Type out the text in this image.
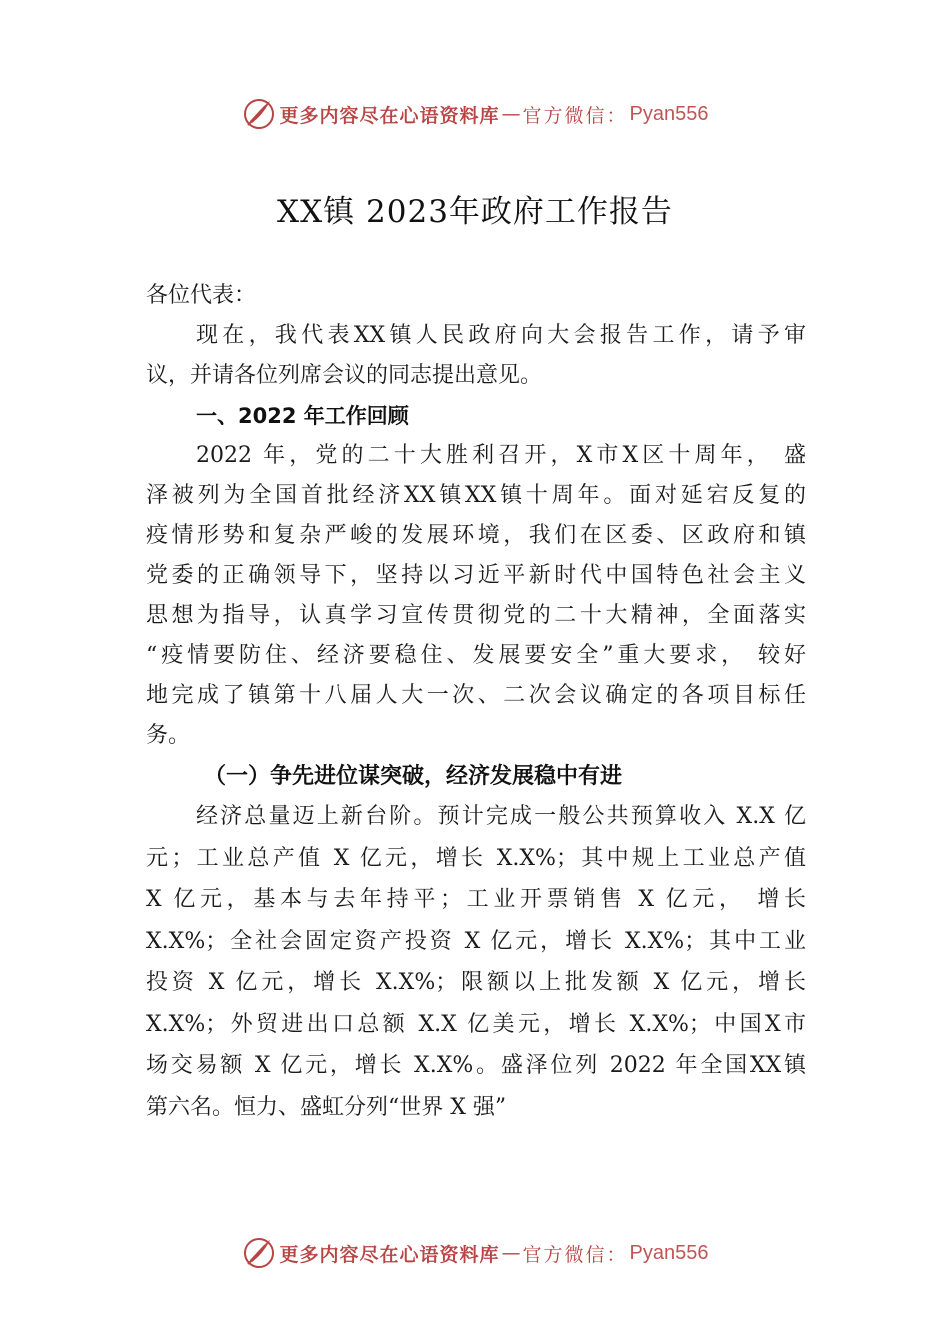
更多内容尽在心语资料库 — 官方微信： Pyan556
XX镇 2023年政府工作报告
各位代表：
现在，我代表XX镇人民政府向大会报告工作，请予审
议，并请各位列席会议的同志提出意见。
一、2022 年工作回顾
2022 年，党的二十大胜利召开，X市X区十周年， 盛
泽被列为全国首批经济XX镇XX镇十周年。面对延宕反复的
疫情形势和复杂严峻的发展环境，我们在区委、区政府和镇
党委的正确领导下，坚持以习近平新时代中国特色社会主义
思想为指导，认真学习宣传贯彻党的二十大精神，全面落实
“疫情要防住、经济要稳住、发展要安全”重大要求， 较好
地完成了镇第十八届人大一次、二次会议确定的各项目标任
务。
（一）争先进位谋突破，经济发展稳中有进
经济总量迈上新台阶。预计完成一般公共预算收入 X.X 亿
元；工业总产值 X 亿元，增长 X.X%；其中规上工业总产值
X 亿元，基本与去年持平；工业开票销售 X 亿元， 增长
X.X%；全社会固定资产投资 X 亿元，增长 X.X%；其中工业
投资 X 亿元，增长 X.X%；限额以上批发额 X 亿元，增长
X.X%；外贸进出口总额 X.X 亿美元，增长 X.X%；中国X市
场交易额 X 亿元，增长 X.X%。盛泽位列 2022 年全国XX镇
第六名。恒力、盛虹分列“世界 X 强”
更多内容尽在心语资料库 — 官方微信： Pyan556
